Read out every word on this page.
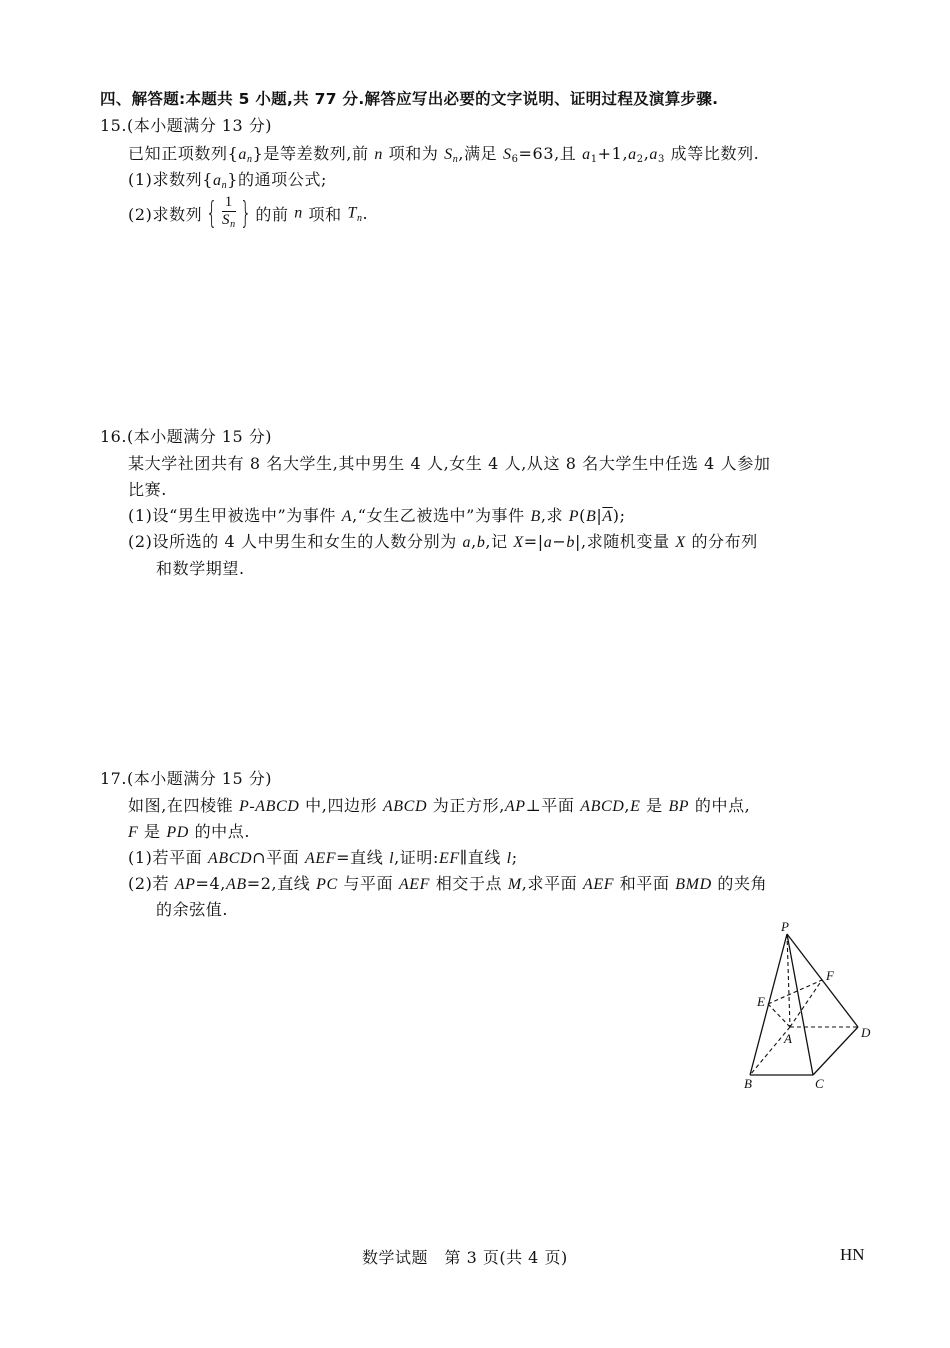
四、解答题:本题共 5 小题,共 77 分.解答应写出必要的文字说明、证明过程及演算步骤.
15.(本小题满分 13 分)
已知正项数列$\{a_n\}$是等差数列,前 n 项和为 $S_n$,满足 $S_6=63$,且 $a_1+1,a_2,a_3$ 成等比数列.
(1)求数列$\{a_n\}$的通项公式;
(2)求数列 { $\frac{1}{S_n}$ } 的前 n 项和 $T_n$.
16.(本小题满分 15 分)
某大学社团共有 8 名大学生,其中男生 4 人,女生 4 人,从这 8 名大学生中任选 4 人参加
比赛.
(1)设“男生甲被选中”为事件 A,“女生乙被选中”为事件 B,求 $P(B|\overline{A})$;
(2)设所选的 4 人中男生和女生的人数分别为 a,b,记 X=|a−b|,求随机变量 X 的分布列
和数学期望.
17.(本小题满分 15 分)
如图,在四棱锥 P-ABCD 中,四边形 ABCD 为正方形,AP⊥平面 ABCD,E 是 BP 的中点,
F 是 PD 的中点.
(1)若平面 ABCD∩平面 AEF=直线 l,证明:EF∥直线 l;
(2)若 AP=4,AB=2,直线 PC 与平面 AEF 相交于点 M,求平面 AEF 和平面 BMD 的夹角
的余弦值.
P
F
E
A	D
B	C
数学试题　第 3 页(共 4 页)	HN
